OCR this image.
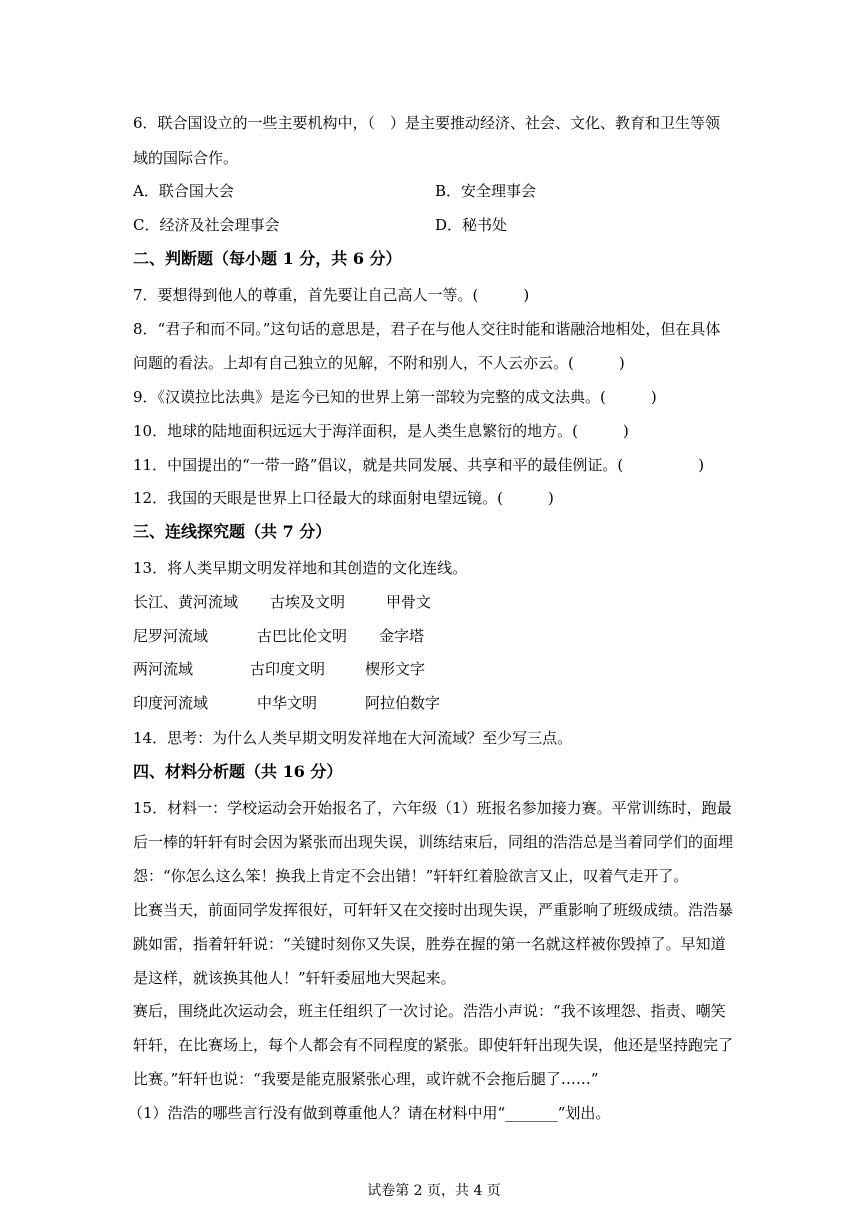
6．联合国设立的一些主要机构中，（　）是主要推动经济、社会、文化、教育和卫生等领
域的国际合作。
A．联合国大会	B．安全理事会
C．经济及社会理事会	D．秘书处
二、判断题（每小题 1 分，共 6 分）
7．要想得到他人的尊重，首先要让自己高人一等。(　　　)
8．“君子和而不同。”这句话的意思是，君子在与他人交往时能和谐融洽地相处，但在具体
问题的看法。上却有自己独立的见解，不附和别人，不人云亦云。(　　　)
9．《汉谟拉比法典》是迄今已知的世界上第一部较为完整的成文法典。(　　　)
10．地球的陆地面积远远大于海洋面积，是人类生息繁衍的地方。(　　　)
11．中国提出的“一带一路”倡议，就是共同发展、共享和平的最佳例证。(　　　　　)
12．我国的天眼是世界上口径最大的球面射电望远镜。(　　　)
三、连线探究题（共 7 分）
13．将人类早期文明发祥地和其创造的文化连线。
长江、黄河流域 古埃及文明	甲骨文
尼罗河流域	古巴比伦文明 金字塔
两河流域	古印度文明	楔形文字
印度河流域	中华文明	阿拉伯数字
14．思考：为什么人类早期文明发祥地在大河流域？至少写三点。
四、材料分析题（共 16 分）
15．材料一：学校运动会开始报名了，六年级（1）班报名参加接力赛。平常训练时，跑最
后一棒的轩轩有时会因为紧张而出现失误，训练结束后，同组的浩浩总是当着同学们的面埋
怨：“你怎么这么笨！换我上肯定不会出错！”轩轩红着脸欲言又止，叹着气走开了。
比赛当天，前面同学发挥很好，可轩轩又在交接时出现失误，严重影响了班级成绩。浩浩暴
跳如雷，指着轩轩说：“关键时刻你又失误，胜券在握的第一名就这样被你毁掉了。早知道
是这样，就该换其他人！”轩轩委屈地大哭起来。
赛后，围绕此次运动会，班主任组织了一次讨论。浩浩小声说：“我不该埋怨、指责、嘲笑
轩轩，在比赛场上，每个人都会有不同程度的紧张。即使轩轩出现失误，他还是坚持跑完了
比赛。”轩轩也说：“我要是能克服紧张心理，或许就不会拖后腿了……”
（1）浩浩的哪些言行没有做到尊重他人？请在材料中用“_______”划出。
试卷第 2 页，共 4 页
